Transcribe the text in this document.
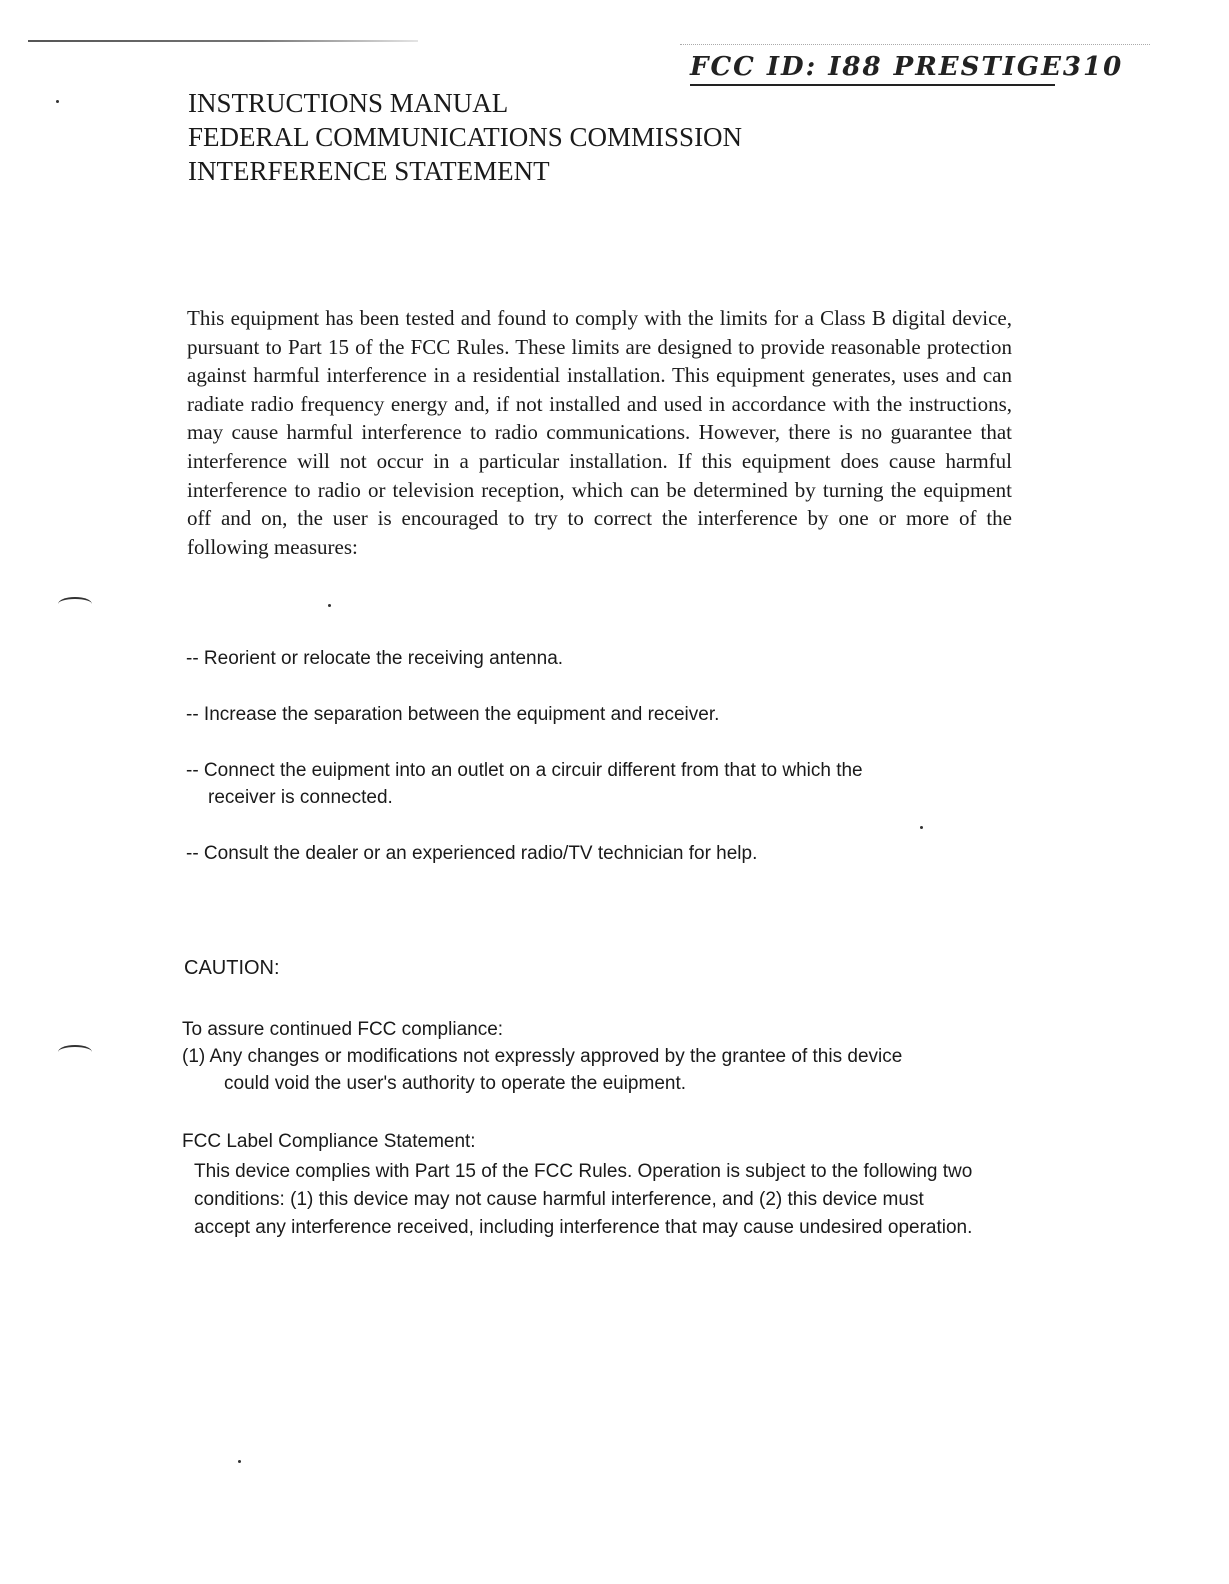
FCC ID: I88 PRESTIGE310
INSTRUCTIONS MANUAL
FEDERAL COMMUNICATIONS COMMISSION
INTERFERENCE STATEMENT

This equipment has been tested and found to comply with the limits for a Class B digital device, pursuant to Part 15 of the FCC Rules. These limits are designed to provide reasonable protection against harmful interference in a residential installation. This equipment generates, uses and can radiate radio frequency energy and, if not installed and used in accordance with the instructions, may cause harmful interference to radio communications. However, there is no guarantee that interference will not occur in a particular installation. If this equipment does cause harmful interference to radio or television reception, which can be determined by turning the equipment off and on, the user is encouraged to try to correct the interference by one or more of the following measures:

-- Reorient or relocate the receiving antenna.
-- Increase the separation between the equipment and receiver.
-- Connect the euipment into an outlet on a circuir different from that to which the receiver is connected.
-- Consult the dealer or an experienced radio/TV technician for help.
CAUTION:
To assure continued FCC compliance:
(1) Any changes or modifications not expressly approved by the grantee of this device could void the user's authority to operate the euipment.
FCC Label Compliance Statement:

This device complies with Part 15 of the FCC Rules. Operation is subject to the following two conditions: (1) this device may not cause harmful interference, and (2) this device must accept any interference received, including interference that may cause undesired operation.
